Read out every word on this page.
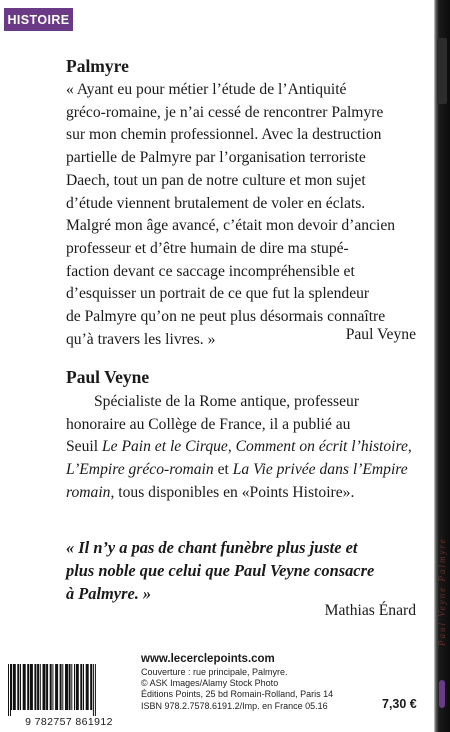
HISTOIRE
Paul Veyne Palmyre
Palmyre
« Ayant eu pour métier l’étude de l’Antiquité
gréco-romaine, je n’ai cessé de rencontrer Palmyre
sur mon chemin professionnel. Avec la destruction
partielle de Palmyre par l’organisation terroriste
Daech, tout un pan de notre culture et mon sujet
d’étude viennent brutalement de voler en éclats.
Malgré mon âge avancé, c’était mon devoir d’ancien
professeur et d’être humain de dire ma stupé-
faction devant ce saccage incompréhensible et
d’esquisser un portrait de ce que fut la splendeur
de Palmyre qu’on ne peut plus désormais connaître
qu’à travers les livres. »	Paul Veyne
Paul Veyne
Spécialiste de la Rome antique, professeur
honoraire au Collège de France, il a publié au
Seuil Le Pain et le Cirque, Comment on écrit l’histoire,
L’Empire gréco-romain et La Vie privée dans l’Empire
romain, tous disponibles en «Points Histoire».
« Il n’y a pas de chant funèbre plus juste et
plus noble que celui que Paul Veyne consacre
à Palmyre. »
Mathias Énard
9 782757 861912
www.lecerclepoints.com
Couverture : rue principale, Palmyre.
© ASK Images/Alamy Stock Photo
Éditions Points, 25 bd Romain-Rolland, Paris 14
ISBN 978.2.7578.6191.2/Imp. en France 05.16	7,30 €
